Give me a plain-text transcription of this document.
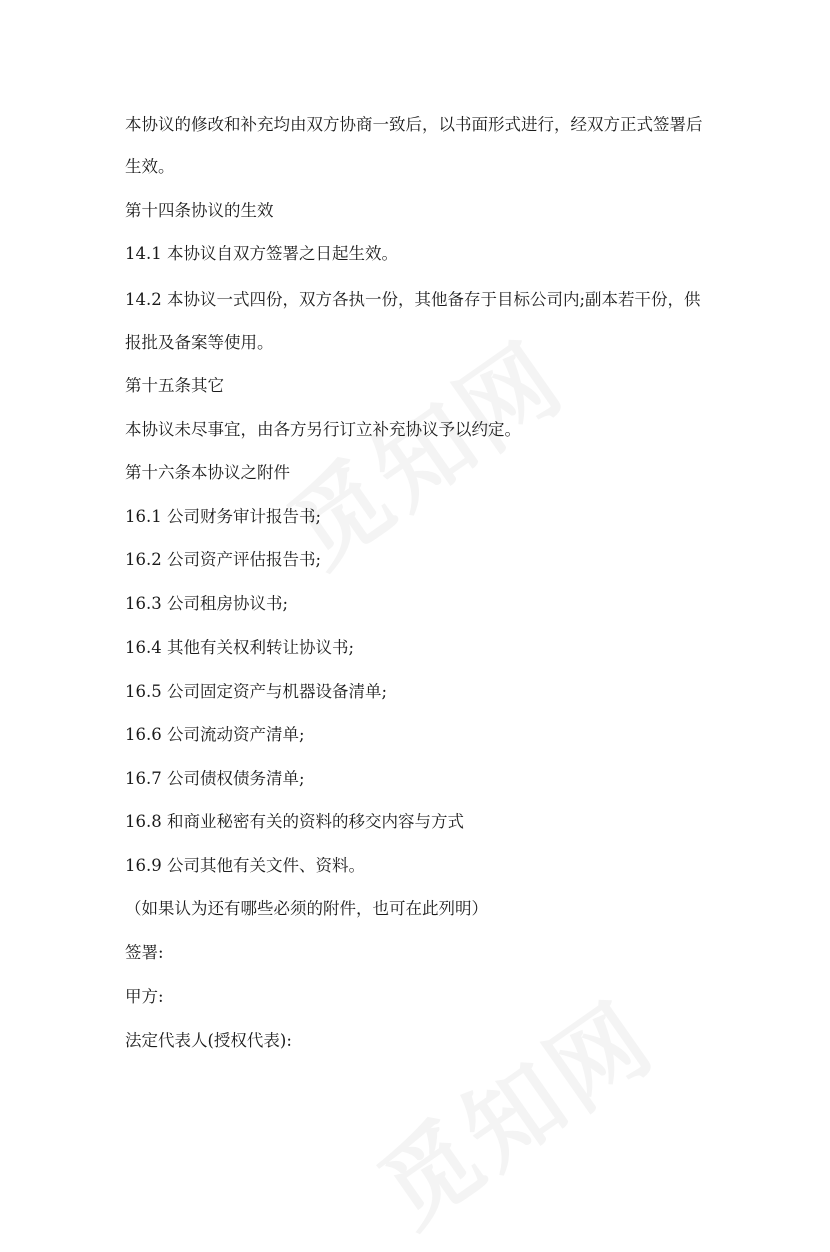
本协议的修改和补充均由双方协商一致后，以书面形式进行，经双方正式签署后
生效。
第十四条协议的生效
14.1 本协议自双方签署之日起生效。
14.2 本协议一式四份，双方各执一份，其他备存于目标公司内;副本若干份，供
报批及备案等使用。
第十五条其它
本协议未尽事宜，由各方另行订立补充协议予以约定。
第十六条本协议之附件
16.1 公司财务审计报告书;
16.2 公司资产评估报告书;
16.3 公司租房协议书;
16.4 其他有关权利转让协议书;
16.5 公司固定资产与机器设备清单;
16.6 公司流动资产清单;
16.7 公司债权债务清单;
16.8 和商业秘密有关的资料的移交内容与方式
16.9 公司其他有关文件、资料。
（如果认为还有哪些必须的附件，也可在此列明）
签署:
甲方:
法定代表人(授权代表):
